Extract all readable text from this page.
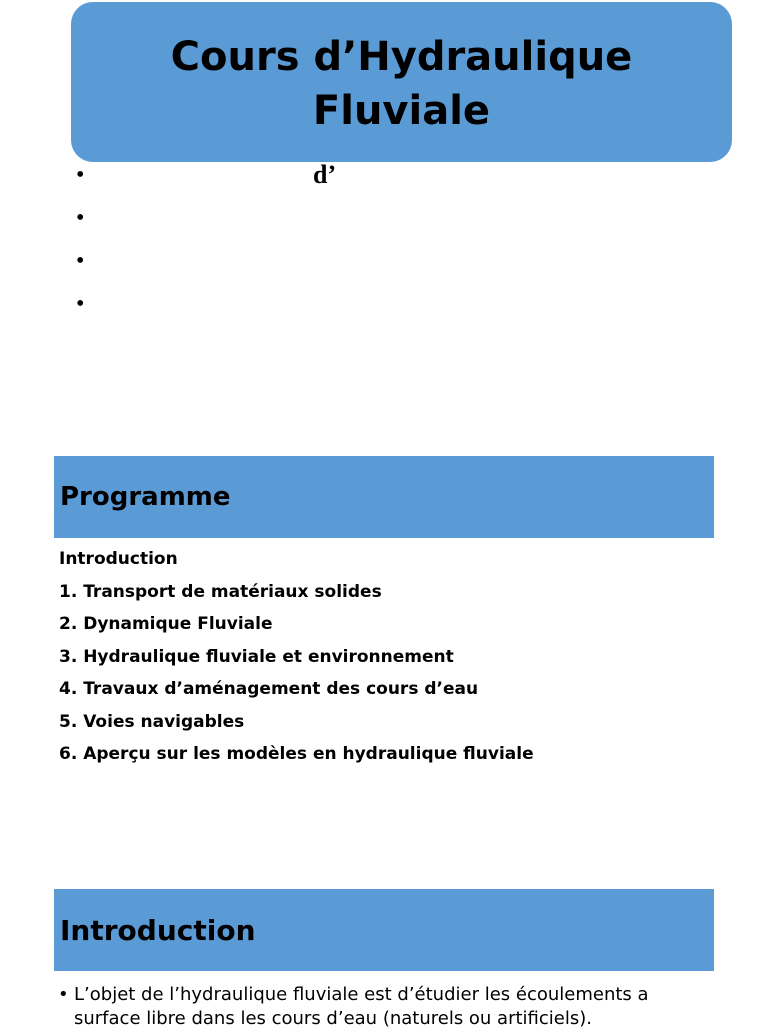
Cours d’Hydraulique
Fluviale
•	d’
•
•
•
Programme
Introduction
1. Transport de matériaux solides
2. Dynamique Fluviale
3. Hydraulique fluviale et environnement
4. Travaux d’aménagement des cours d’eau
5. Voies navigables
6. Aperçu sur les modèles en hydraulique fluviale
Introduction
• L’objet de l’hydraulique fluviale est d’étudier les écoulements a surface libre dans les cours d’eau (naturels ou artificiels).
